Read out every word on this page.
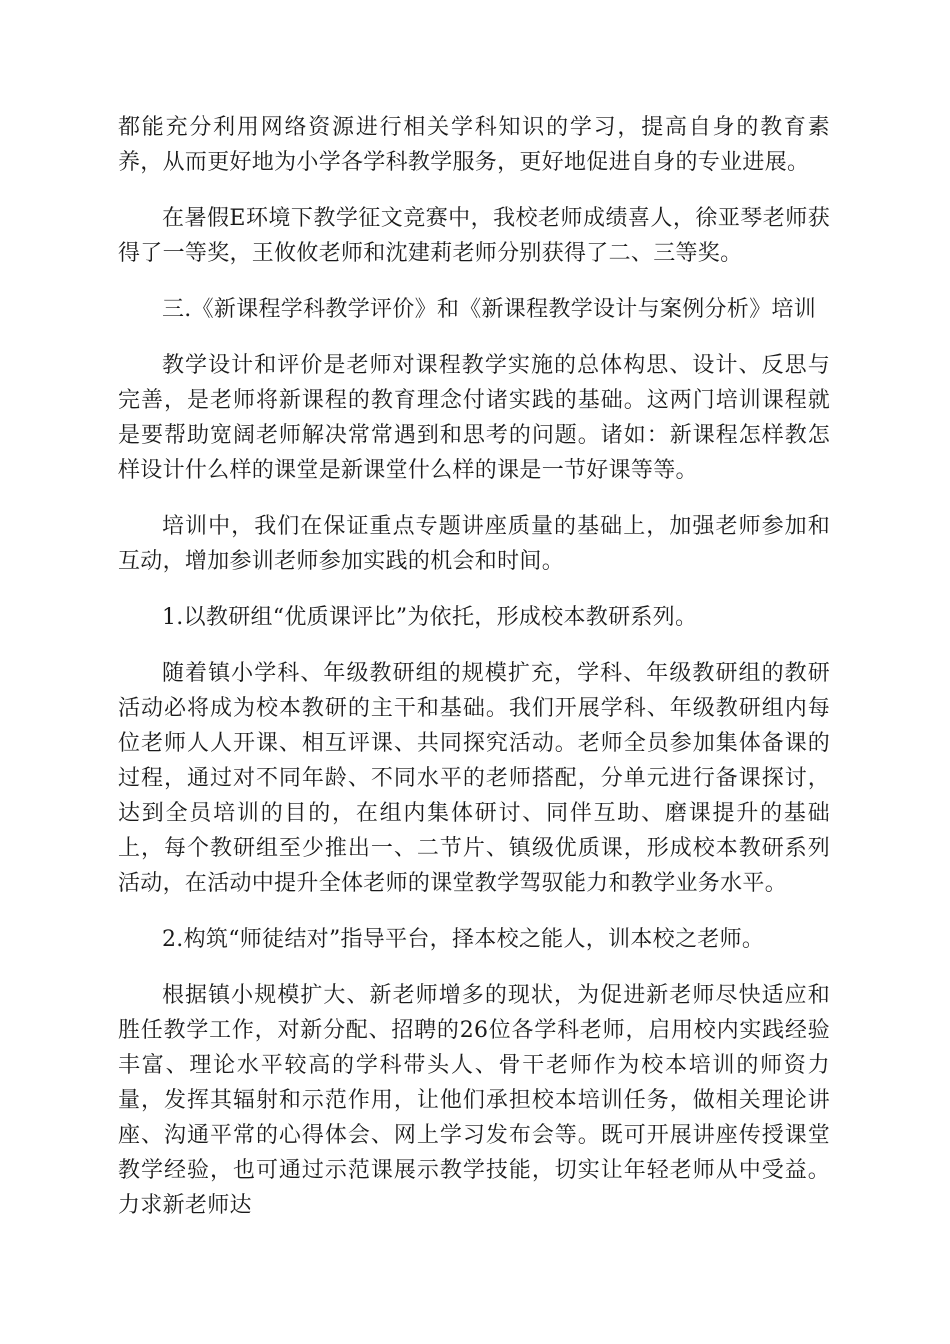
都能充分利用网络资源进行相关学科知识的学习，提高自身的教育素养，从而更好地为小学各学科教学服务，更好地促进自身的专业进展。

在暑假E环境下教学征文竞赛中，我校老师成绩喜人，徐亚琴老师获得了一等奖，王攸攸老师和沈建莉老师分别获得了二、三等奖。

三.《新课程学科教学评价》和《新课程教学设计与案例分析》培训

教学设计和评价是老师对课程教学实施的总体构思、设计、反思与完善，是老师将新课程的教育理念付诸实践的基础。这两门培训课程就是要帮助宽阔老师解决常常遇到和思考的问题。诸如：新课程怎样教怎样设计什么样的课堂是新课堂什么样的课是一节好课等等。

培训中，我们在保证重点专题讲座质量的基础上，加强老师参加和互动，增加参训老师参加实践的机会和时间。

1.以教研组“优质课评比”为依托，形成校本教研系列。

随着镇小学科、年级教研组的规模扩充，学科、年级教研组的教研活动必将成为校本教研的主干和基础。我们开展学科、年级教研组内每位老师人人开课、相互评课、共同探究活动。老师全员参加集体备课的过程，通过对不同年龄、不同水平的老师搭配，分单元进行备课探讨，达到全员培训的目的，在组内集体研讨、同伴互助、磨课提升的基础上，每个教研组至少推出一、二节片、镇级优质课，形成校本教研系列活动，在活动中提升全体老师的课堂教学驾驭能力和教学业务水平。

2.构筑“师徒结对”指导平台，择本校之能人，训本校之老师。

根据镇小规模扩大、新老师增多的现状，为促进新老师尽快适应和胜任教学工作，对新分配、招聘的26位各学科老师，启用校内实践经验丰富、理论水平较高的学科带头人、骨干老师作为校本培训的师资力量，发挥其辐射和示范作用，让他们承担校本培训任务，做相关理论讲座、沟通平常的心得体会、网上学习发布会等。既可开展讲座传授课堂教学经验，也可通过示范课展示教学技能，切实让年轻老师从中受益。力求新老师达
